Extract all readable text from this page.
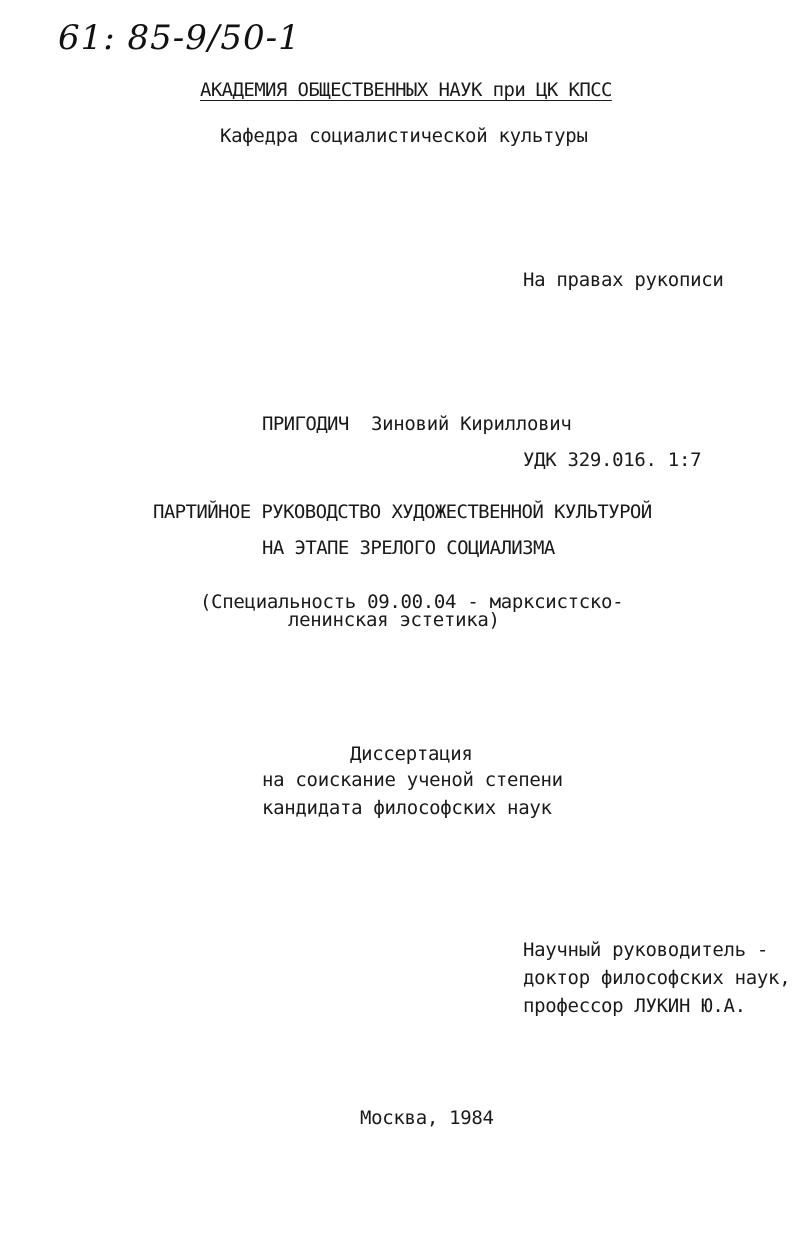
61: 85-9/50-1
АКАДЕМИЯ ОБЩЕСТВЕННЫХ НАУК при ЦК КПСС
Кафедра социалистической культуры
На правах рукописи
ПРИГОДИЧ Зиновий Кириллович
УДК 329.016. 1:7
ПАРТИЙНОЕ РУКОВОДСТВО ХУДОЖЕСТВЕННОЙ КУЛЬТУРОЙ
НА ЭТАПЕ ЗРЕЛОГО СОЦИАЛИЗМА
(Специальность 09.00.04 - марксистско-
ленинская эстетика)
Диссертация
на соискание ученой степени
кандидата философских наук
Научный руководитель -
доктор философских наук,
профессор ЛУКИН Ю.А.
Москва, 1984
